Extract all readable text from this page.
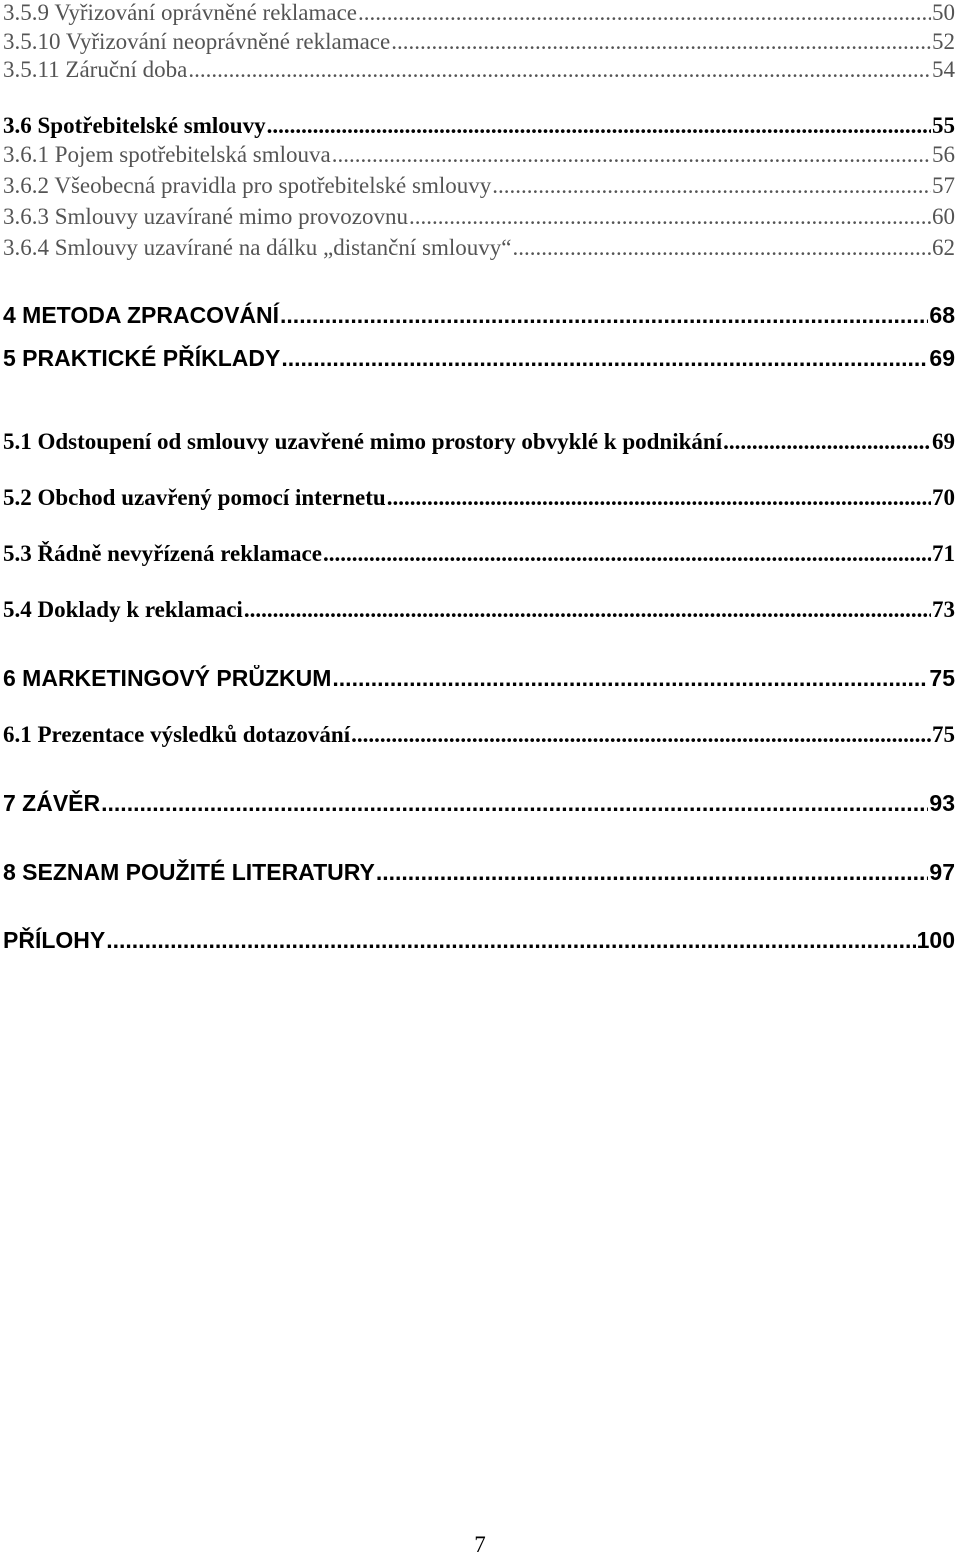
3.5.9 Vyřizování oprávněné reklamace .....	50
3.5.10 Vyřizování neoprávněné reklamace .....	52
3.5.11 Záruční doba .....	54
3.6 Spotřebitelské smlouvy .....	55
3.6.1 Pojem spotřebitelská smlouva .....	56
3.6.2 Všeobecná pravidla pro spotřebitelské smlouvy .....	57
3.6.3 Smlouvy uzavírané mimo provozovnu .....	60
3.6.4 Smlouvy uzavírané na dálku „distanční smlouvy“ .....	62
4 METODA ZPRACOVÁNÍ .....	68
5 PRAKTICKÉ PŘÍKLADY .....	69
5.1 Odstoupení od smlouvy uzavřené mimo prostory obvyklé k podnikání .....	69
5.2 Obchod uzavřený pomocí internetu .....	70
5.3 Řádně nevyřízená reklamace .....	71
5.4 Doklady k reklamaci .....	73
6 MARKETINGOVÝ PRŮZKUM .....	75
6.1 Prezentace výsledků dotazování .....	75
7 ZÁVĚR .....	93
8 SEZNAM POUŽITÉ LITERATURY .....	97
PŘÍLOHY .....	100
7
